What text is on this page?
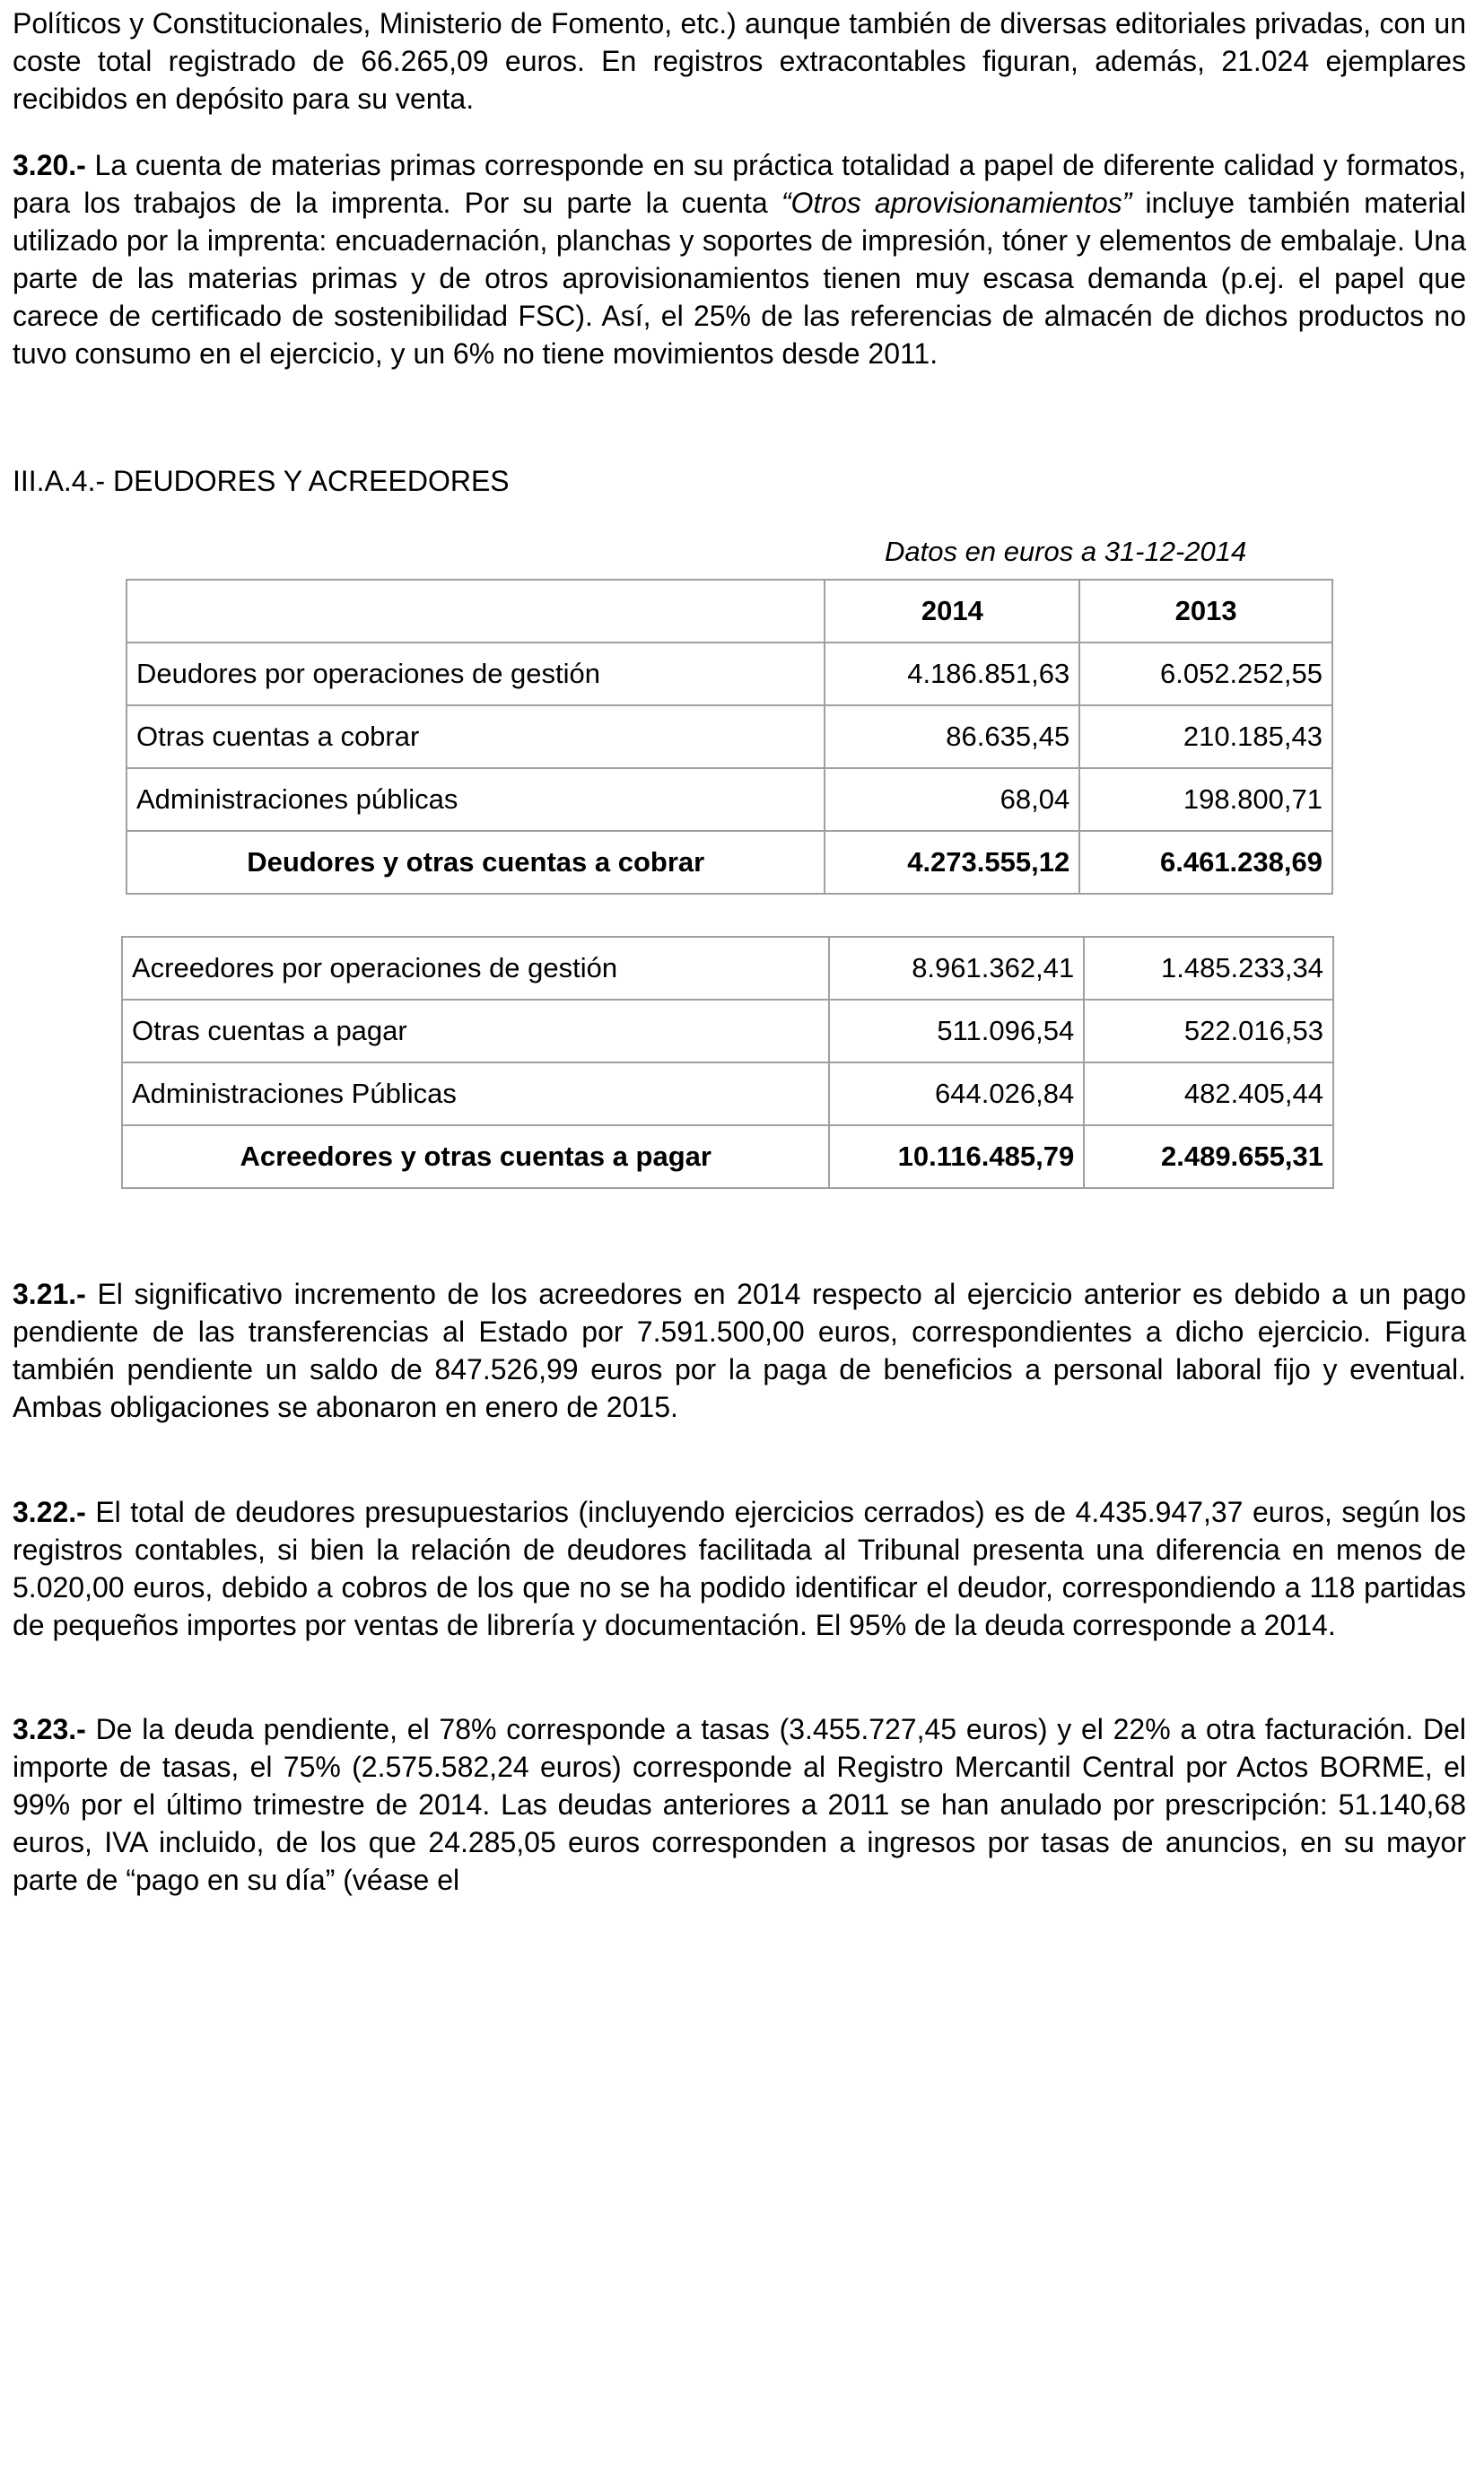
Políticos y Constitucionales, Ministerio de Fomento, etc.) aunque también de diversas editoriales privadas, con un coste total registrado de 66.265,09 euros. En registros extracontables figuran, además, 21.024 ejemplares recibidos en depósito para su venta.

3.20.- La cuenta de materias primas corresponde en su práctica totalidad a papel de diferente calidad y formatos, para los trabajos de la imprenta. Por su parte la cuenta “Otros aprovisionamientos” incluye también material utilizado por la imprenta: encuadernación, planchas y soportes de impresión, tóner y elementos de embalaje. Una parte de las materias primas y de otros aprovisionamientos tienen muy escasa demanda (p.ej. el papel que carece de certificado de sostenibilidad FSC). Así, el 25% de las referencias de almacén de dichos productos no tuvo consumo en el ejercicio, y un 6% no tiene movimientos desde 2011.

III.A.4.- DEUDORES Y ACREEDORES

Datos en euros a 31-12-2014
	2014	2013
Deudores por operaciones de gestión	4.186.851,63	6.052.252,55
Otras cuentas a cobrar	86.635,45	210.185,43
Administraciones públicas	68,04	198.800,71
Deudores y otras cuentas a cobrar	4.273.555,12	6.461.238,69
Acreedores por operaciones de gestión	8.961.362,41	1.485.233,34
Otras cuentas a pagar	511.096,54	522.016,53
Administraciones Públicas	644.026,84	482.405,44
Acreedores y otras cuentas a pagar	10.116.485,79	2.489.655,31

3.21.- El significativo incremento de los acreedores en 2014 respecto al ejercicio anterior es debido a un pago pendiente de las transferencias al Estado por 7.591.500,00 euros, correspondientes a dicho ejercicio. Figura también pendiente un saldo de 847.526,99 euros por la paga de beneficios a personal laboral fijo y eventual. Ambas obligaciones se abonaron en enero de 2015.

3.22.- El total de deudores presupuestarios (incluyendo ejercicios cerrados) es de 4.435.947,37 euros, según los registros contables, si bien la relación de deudores facilitada al Tribunal presenta una diferencia en menos de 5.020,00 euros, debido a cobros de los que no se ha podido identificar el deudor, correspondiendo a 118 partidas de pequeños importes por ventas de librería y documentación. El 95% de la deuda corresponde a 2014.

3.23.- De la deuda pendiente, el 78% corresponde a tasas (3.455.727,45 euros) y el 22% a otra facturación. Del importe de tasas, el 75% (2.575.582,24 euros) corresponde al Registro Mercantil Central por Actos BORME, el 99% por el último trimestre de 2014. Las deudas anteriores a 2011 se han anulado por prescripción: 51.140,68 euros, IVA incluido, de los que 24.285,05 euros corresponden a ingresos por tasas de anuncios, en su mayor parte de “pago en su día” (véase el
